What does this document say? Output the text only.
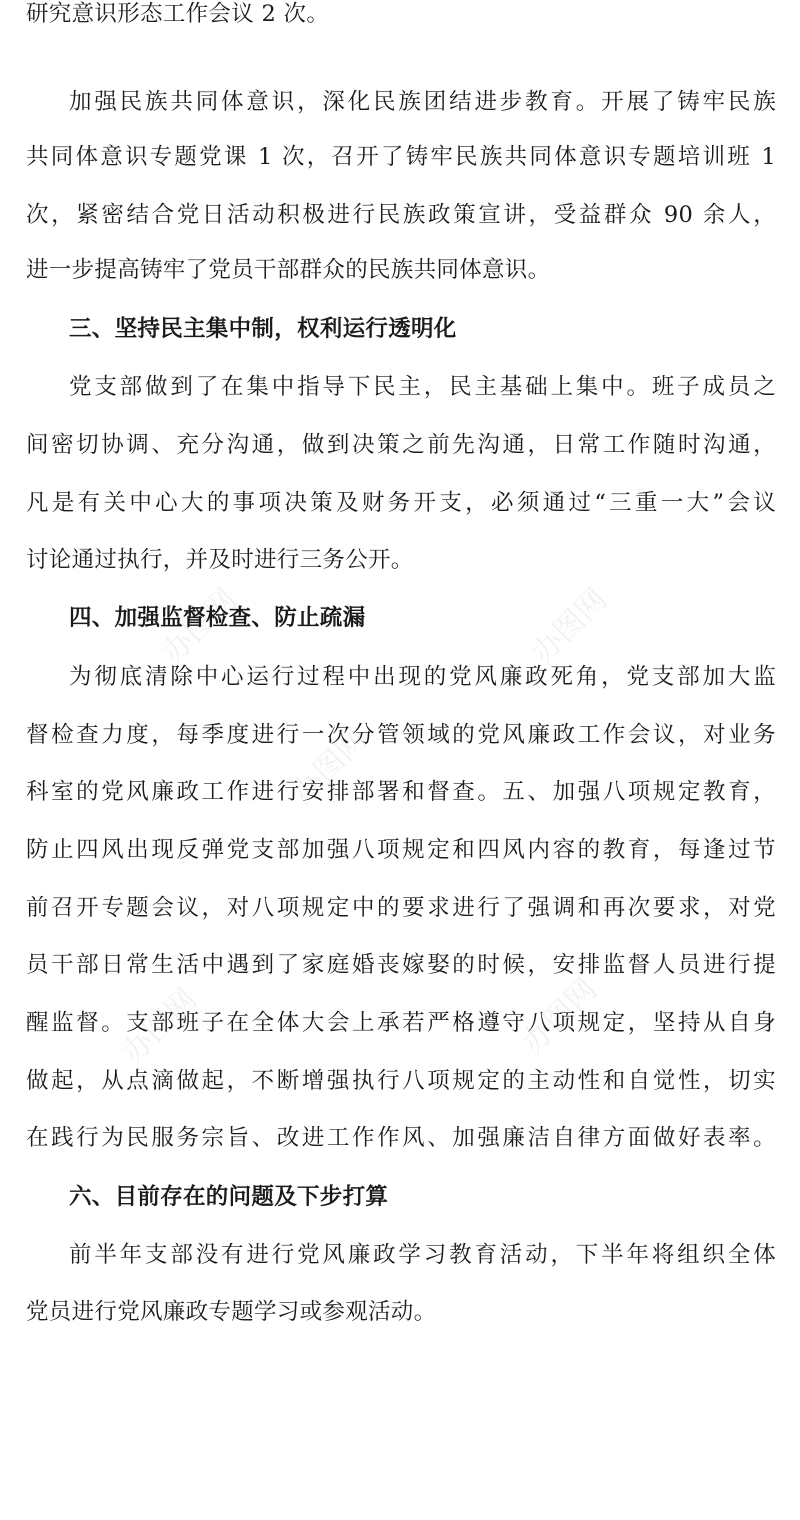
办图网	办图网
办图网
办图网	办图网
研究意识形态工作会议 2 次。
加强民族共同体意识，深化民族团结进步教育。开展了铸牢民族
共同体意识专题党课 1 次，召开了铸牢民族共同体意识专题培训班 1
次，紧密结合党日活动积极进行民族政策宣讲，受益群众 90 余人，
进一步提高铸牢了党员干部群众的民族共同体意识。
三、坚持民主集中制，权利运行透明化
党支部做到了在集中指导下民主，民主基础上集中。班子成员之
间密切协调、充分沟通，做到决策之前先沟通，日常工作随时沟通，
凡是有关中心大的事项决策及财务开支，必须通过“三重一大”会议
讨论通过执行，并及时进行三务公开。
四、加强监督检查、防止疏漏
为彻底清除中心运行过程中出现的党风廉政死角，党支部加大监
督检查力度，每季度进行一次分管领域的党风廉政工作会议，对业务
科室的党风廉政工作进行安排部署和督查。五、加强八项规定教育，
防止四风出现反弹党支部加强八项规定和四风内容的教育，每逢过节
前召开专题会议，对八项规定中的要求进行了强调和再次要求，对党
员干部日常生活中遇到了家庭婚丧嫁娶的时候，安排监督人员进行提
醒监督。支部班子在全体大会上承若严格遵守八项规定，坚持从自身
做起，从点滴做起，不断增强执行八项规定的主动性和自觉性，切实
在践行为民服务宗旨、改进工作作风、加强廉洁自律方面做好表率。
六、目前存在的问题及下步打算
前半年支部没有进行党风廉政学习教育活动，下半年将组织全体
党员进行党风廉政专题学习或参观活动。
